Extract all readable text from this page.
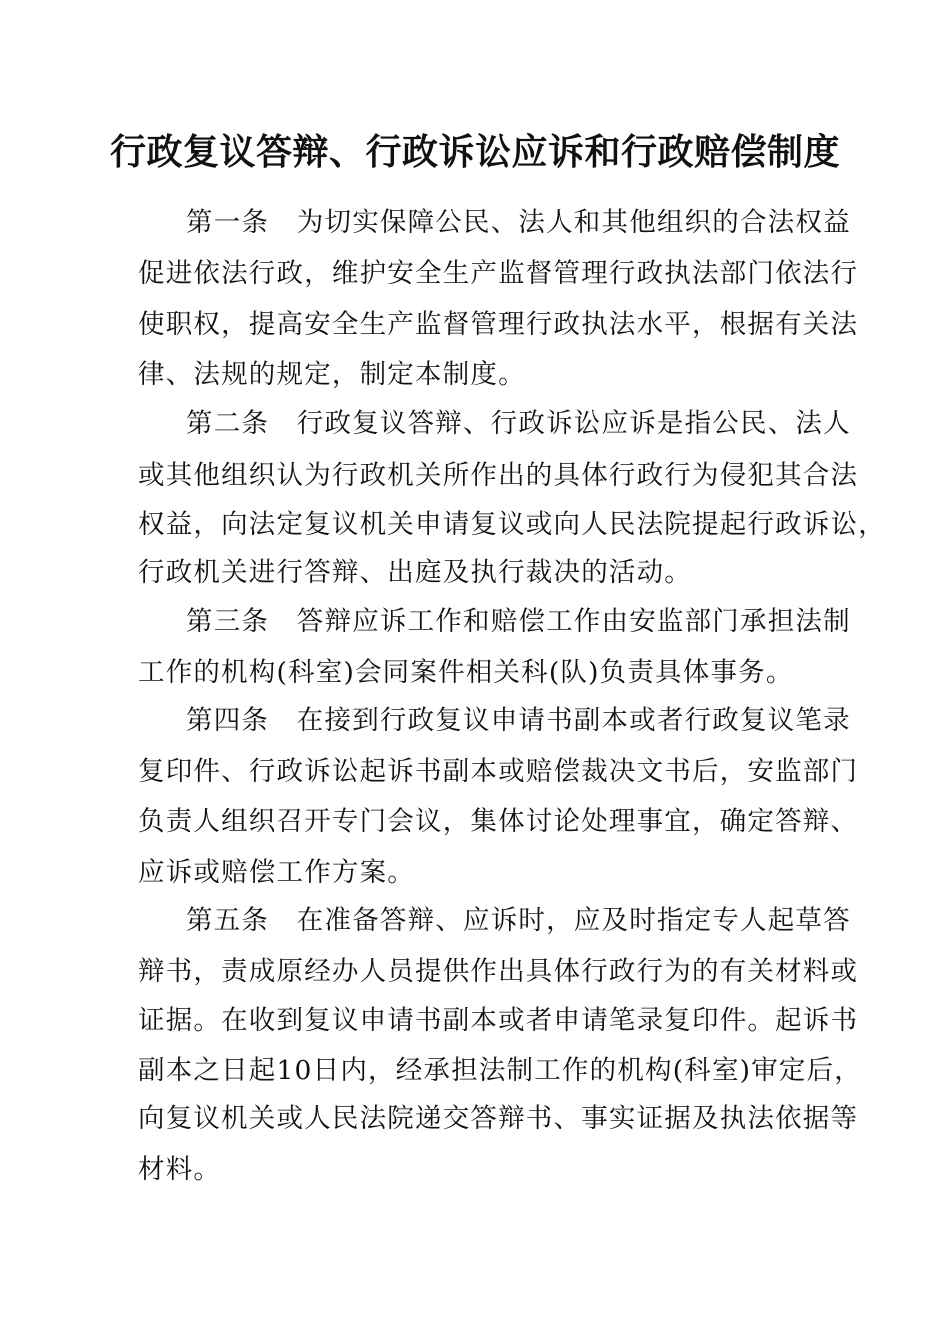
行政复议答辩、行政诉讼应诉和行政赔偿制度
第一条　为切实保障公民、法人和其他组织的合法权益
促进依法行政，维护安全生产监督管理行政执法部门依法行
使职权，提高安全生产监督管理行政执法水平，根据有关法
律、法规的规定，制定本制度。
第二条　行政复议答辩、行政诉讼应诉是指公民、法人
或其他组织认为行政机关所作出的具体行政行为侵犯其合法
权益，向法定复议机关申请复议或向人民法院提起行政诉讼，
行政机关进行答辩、出庭及执行裁决的活动。
第三条　答辩应诉工作和赔偿工作由安监部门承担法制
工作的机构(科室)会同案件相关科(队)负责具体事务。
第四条　在接到行政复议申请书副本或者行政复议笔录
复印件、行政诉讼起诉书副本或赔偿裁决文书后，安监部门
负责人组织召开专门会议，集体讨论处理事宜，确定答辩、
应诉或赔偿工作方案。
第五条　在准备答辩、应诉时，应及时指定专人起草答
辩书，责成原经办人员提供作出具体行政行为的有关材料或
证据。在收到复议申请书副本或者申请笔录复印件。起诉书
副本之日起10日内，经承担法制工作的机构(科室)审定后，
向复议机关或人民法院递交答辩书、事实证据及执法依据等
材料。
